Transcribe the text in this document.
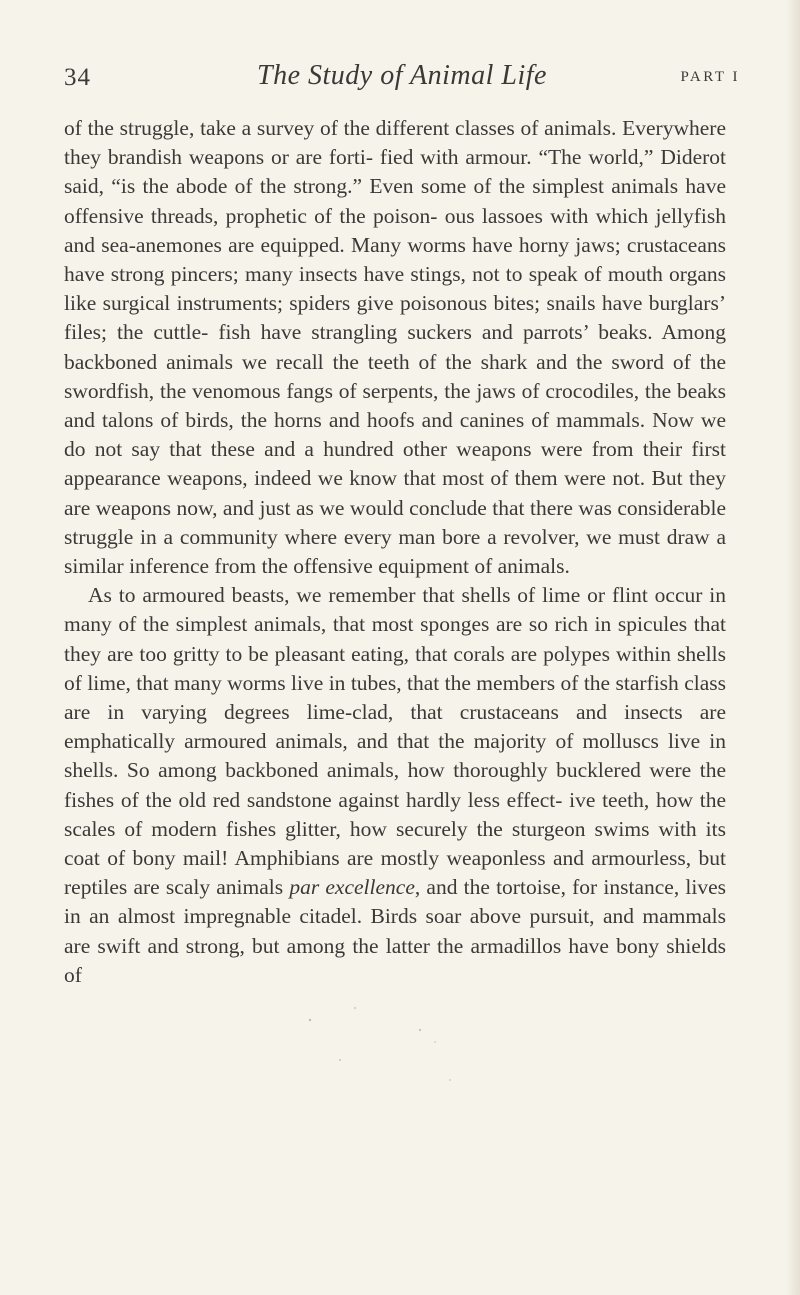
34	The Study of Animal Life	PART I

of the struggle, take a survey of the different classes of animals. Everywhere they brandish weapons or are forti- fied with armour. “The world,” Diderot said, “is the abode of the strong.” Even some of the simplest animals have offensive threads, prophetic of the poison- ous lassoes with which jellyfish and sea-anemones are equipped. Many worms have horny jaws; crustaceans have strong pincers; many insects have stings, not to speak of mouth organs like surgical instruments; spiders give poisonous bites; snails have burglars’ files; the cuttle- fish have strangling suckers and parrots’ beaks. Among backboned animals we recall the teeth of the shark and the sword of the swordfish, the venomous fangs of serpents, the jaws of crocodiles, the beaks and talons of birds, the horns and hoofs and canines of mammals. Now we do not say that these and a hundred other weapons were from their first appearance weapons, indeed we know that most of them were not. But they are weapons now, and just as we would conclude that there was considerable struggle in a community where every man bore a revolver, we must draw a similar inference from the offensive equipment of animals.

As to armoured beasts, we remember that shells of lime or flint occur in many of the simplest animals, that most sponges are so rich in spicules that they are too gritty to be pleasant eating, that corals are polypes within shells of lime, that many worms live in tubes, that the members of the starfish class are in varying degrees lime-clad, that crustaceans and insects are emphatically armoured animals, and that the majority of molluscs live in shells. So among backboned animals, how thoroughly bucklered were the fishes of the old red sandstone against hardly less effect- ive teeth, how the scales of modern fishes glitter, how securely the sturgeon swims with its coat of bony mail! Amphibians are mostly weaponless and armourless, but reptiles are scaly animals par excellence, and the tortoise, for instance, lives in an almost impregnable citadel. Birds soar above pursuit, and mammals are swift and strong, but among the latter the armadillos have bony shields of
